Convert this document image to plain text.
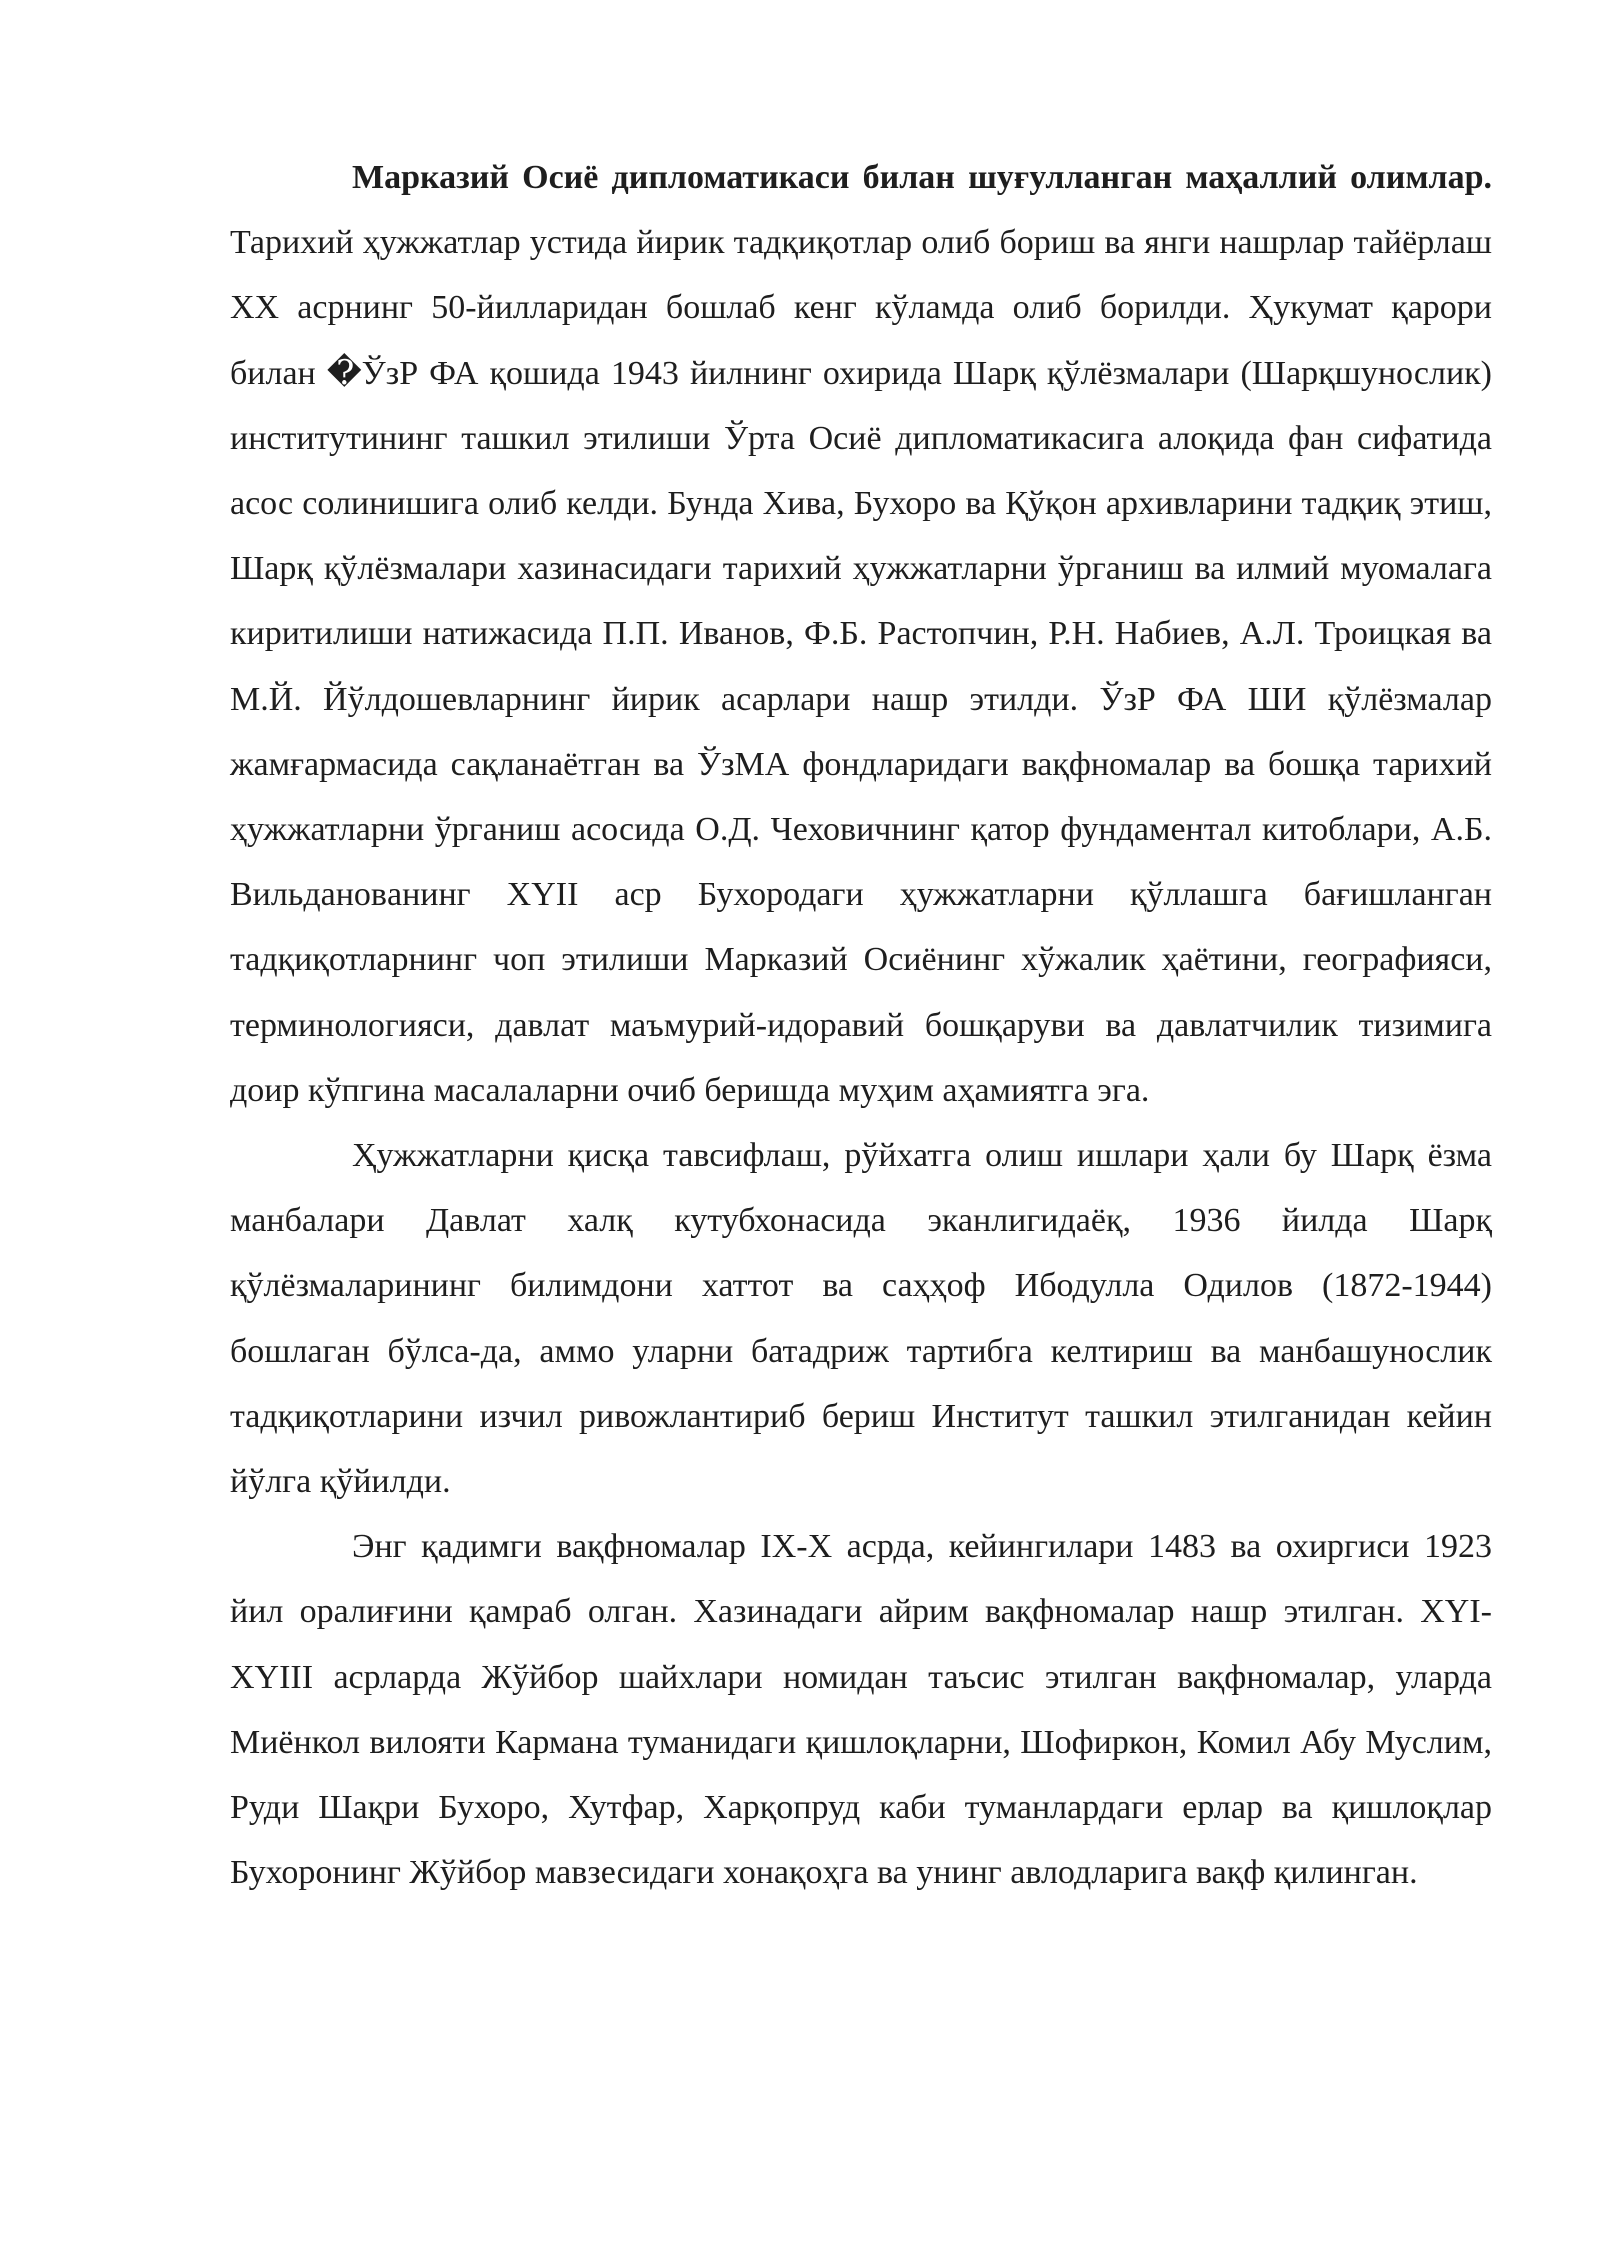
Марказий Осиё дипломатикаси билан шуғулланган маҳаллий олимлар. Тарихий ҳужжатлар устида йирик тадқиқотлар олиб бориш ва янги нашрлар тайёрлаш XX асрнинг 50-йилларидан бошлаб кенг кўламда олиб борилди. Ҳукумат қарори билан �ЎзР ФА қошида 1943 йилнинг охирида Шарқ қўлёзмалари (Шарқшунослик) институтининг ташкил этилиши Ўрта Осиё дипломатикасига алоқида фан сифатида асос солинишига олиб келди. Бунда Хива, Бухоро ва Қўқон архивларини тадқиқ этиш, Шарқ қўлёзмалари хазинасидаги тарихий ҳужжатларни ўрганиш ва илмий муомалага киритилиши натижасида П.П. Иванов, Ф.Б. Растопчин, Р.Н. Набиев, А.Л. Троицкая ва М.Й. Йўлдошевларнинг йирик асарлари нашр этилди. ЎзР ФА ШИ қўлёзмалар жамғармасида сақланаётган ва ЎзМА фондларидаги вақфномалар ва бошқа тарихий ҳужжатларни ўрганиш асосида О.Д. Чеховичнинг қатор фундаментал китоблари, А.Б. Вильдановaнинг XYII аср Бухородаги ҳужжатларни қўллашга бағишланган тадқиқотларнинг чоп этилиши Марказий Осиёнинг хўжалик ҳаётини, географияси, терминологияси, давлат маъмурий-идоравий бошқаруви ва давлатчилик тизимига доир кўпгина масалаларни очиб беришда муҳим аҳамиятга эга.

Ҳужжатларни қисқа тавсифлаш, рўйхатга олиш ишлари ҳали бу Шарқ ёзма манбалари Давлат халқ кутубхонасида эканлигидаёқ, 1936 йилда Шарқ қўлёзмаларининг билимдони хаттот ва саҳҳоф Ибодулла Одилов (1872-1944) бошлаган бўлса-да, аммо уларни батадриж тартибга келтириш ва манбашунослик тадқиқотларини изчил ривожлантириб бериш Институт ташкил этилганидан кейин йўлга қўйилди.

Энг қадимги вақфномалар IX-X асрда, кейингилари 1483 ва охиргиси 1923 йил оралиғини қамраб олган. Хазинадаги айрим вақфномалар нашр этилган. XYI-XYIII асрларда Жўйбор шайхлари номидан таъсис этилган вақфномалар, уларда Миёнкол вилояти Кармана туманидаги қишлоқларни, Шофиркон, Комил Абу Муслим, Руди Шақри Бухоро, Хутфар, Харқопруд каби туманлардаги ерлар ва қишлоқлар Бухоронинг Жўйбор мавзесидаги хонақоҳга ва унинг авлодларига вақф қилинган.
